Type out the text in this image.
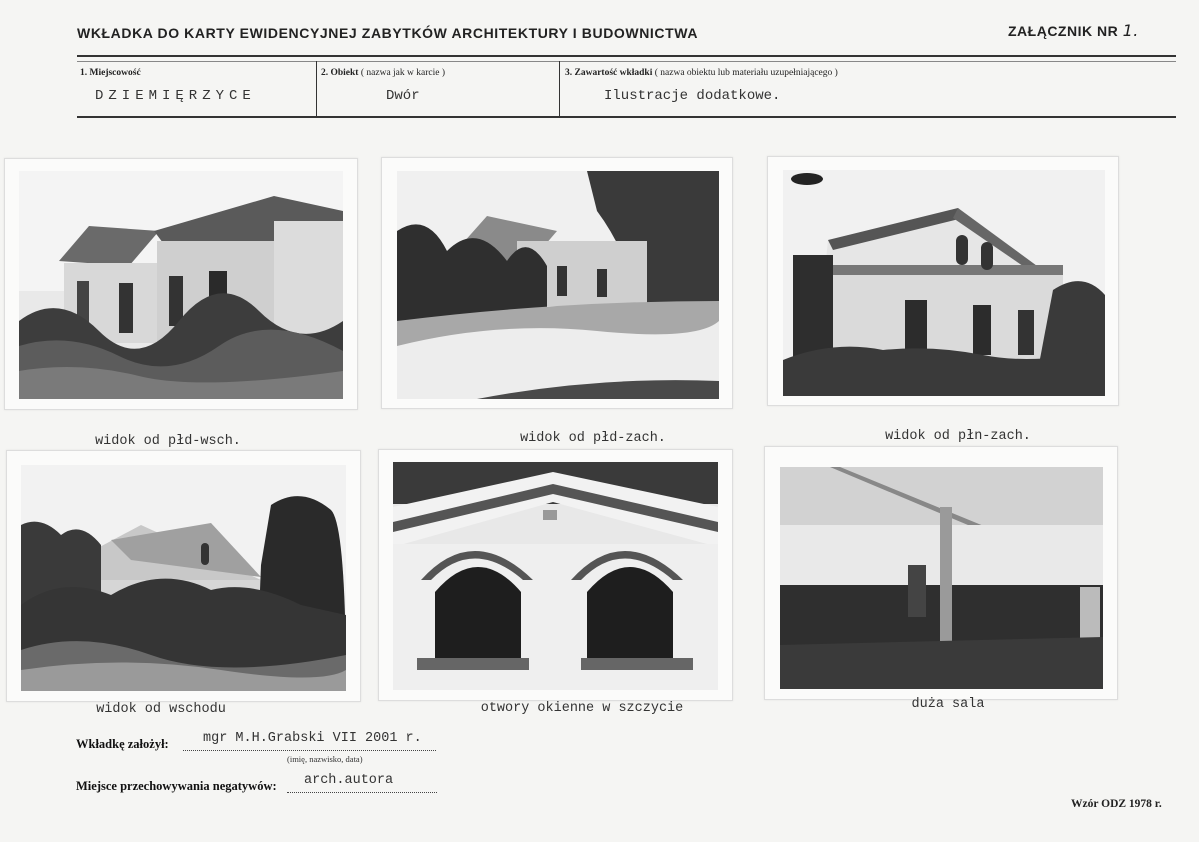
WKŁADKA DO KARTY EWIDENCYJNEJ ZABYTKÓW ARCHITEKTURY I BUDOWNICTWA	ZAŁĄCZNIK NR 1.
1. Miejscowość
DZIEMIĘRZYCE
2. Obiekt ( nazwa jak w karcie )
Dwór
3. Zawartość wkładki ( nazwa obiektu lub materiału uzupełniającego )
Ilustracje dodatkowe.
widok od płd-wsch.	widok od płd-zach.	widok od płn-zach.
widok od wschodu	otwory okienne w szczycie	duża sala
Wkładkę założył:	mgr M.H.Grabski VII 2001 r.
(imię, nazwisko, data)
Miejsce przechowywania negatywów: arch.autora
Wzór ODZ 1978 r.
